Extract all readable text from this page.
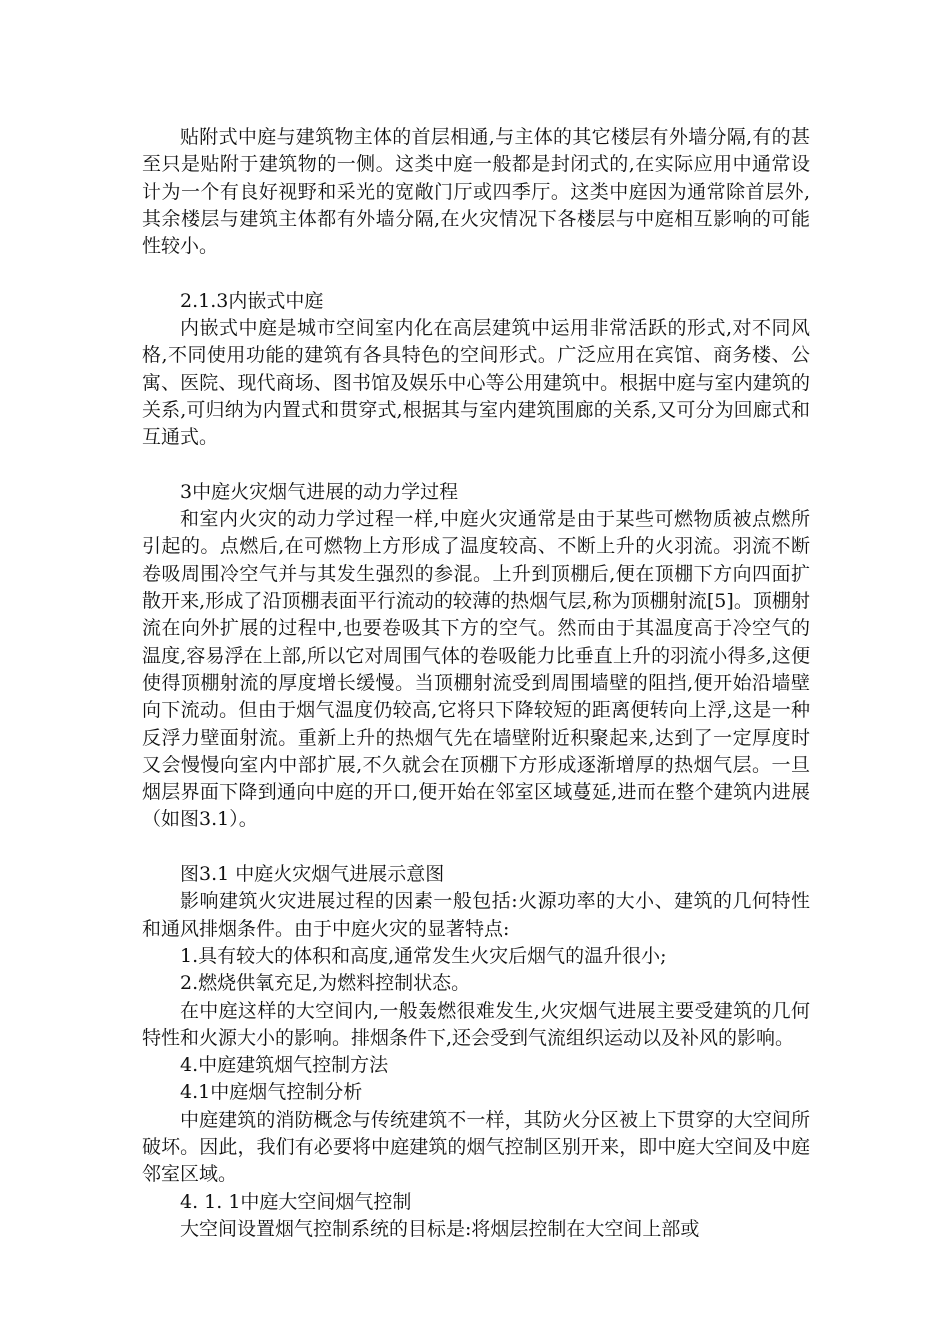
贴附式中庭与建筑物主体的首层相通,与主体的其它楼层有外墙分隔,有的甚至只是贴附于建筑物的一侧。这类中庭一般都是封闭式的,在实际应用中通常设计为一个有良好视野和采光的宽敞门厅或四季厅。这类中庭因为通常除首层外,其余楼层与建筑主体都有外墙分隔,在火灾情况下各楼层与中庭相互影响的可能性较小。

2.1.3内嵌式中庭

内嵌式中庭是城市空间室内化在高层建筑中运用非常活跃的形式,对不同风格,不同使用功能的建筑有各具特色的空间形式。广泛应用在宾馆、商务楼、公寓、医院、现代商场、图书馆及娱乐中心等公用建筑中。根据中庭与室内建筑的关系,可归纳为内置式和贯穿式,根据其与室内建筑围廊的关系,又可分为回廊式和互通式。

3中庭火灾烟气进展的动力学过程

和室内火灾的动力学过程一样,中庭火灾通常是由于某些可燃物质被点燃所引起的。点燃后,在可燃物上方形成了温度较高、不断上升的火羽流。羽流不断卷吸周围冷空气并与其发生强烈的参混。上升到顶棚后,便在顶棚下方向四面扩散开来,形成了沿顶棚表面平行流动的较薄的热烟气层,称为顶棚射流[5]。顶棚射流在向外扩展的过程中,也要卷吸其下方的空气。然而由于其温度高于冷空气的温度,容易浮在上部,所以它对周围气体的卷吸能力比垂直上升的羽流小得多,这便使得顶棚射流的厚度增长缓慢。当顶棚射流受到周围墙壁的阻挡,便开始沿墙壁向下流动。但由于烟气温度仍较高,它将只下降较短的距离便转向上浮,这是一种反浮力壁面射流。重新上升的热烟气先在墙壁附近积聚起来,达到了一定厚度时又会慢慢向室内中部扩展,不久就会在顶棚下方形成逐渐增厚的热烟气层。一旦烟层界面下降到通向中庭的开口,便开始在邻室区域蔓延,进而在整个建筑内进展（如图3.1）。

图3.1 中庭火灾烟气进展示意图

影响建筑火灾进展过程的因素一般包括:火源功率的大小、建筑的几何特性和通风排烟条件。由于中庭火灾的显著特点:

1.具有较大的体积和高度,通常发生火灾后烟气的温升很小;

2.燃烧供氧充足,为燃料控制状态。

在中庭这样的大空间内,一般轰燃很难发生,火灾烟气进展主要受建筑的几何特性和火源大小的影响。排烟条件下,还会受到气流组织运动以及补风的影响。

4.中庭建筑烟气控制方法

4.1中庭烟气控制分析

中庭建筑的消防概念与传统建筑不一样，其防火分区被上下贯穿的大空间所破坏。因此，我们有必要将中庭建筑的烟气控制区别开来，即中庭大空间及中庭邻室区域。

4. 1. 1中庭大空间烟气控制

大空间设置烟气控制系统的目标是:将烟层控制在大空间上部或
